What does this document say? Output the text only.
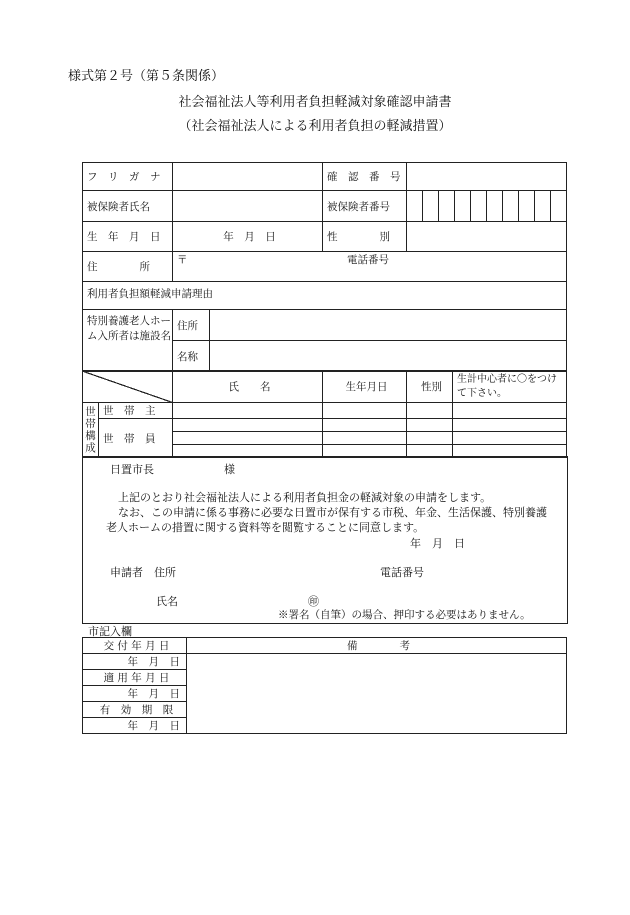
様式第２号（第５条関係）
社会福祉法人等利用者負担軽減対象確認申請書
（社会福祉法人による利用者負担の軽減措置）
フ　リ　ガ　ナ		確　認　番　号	
被保険者氏名		被保険者番号	

生　年　月　日	年　月　日	性　　　　別	
住　　　　所	
〒	電話番号

利用者負担額軽減申請理由
特別養護老人ホーム入所者は施設名	
住所	

名称	
	氏　　名	生年月日	性別	生計中心者に〇をつけて下さい。
世帯構成	世　帯　主				
	世　帯　員				

日置市長	様
上記のとおり社会福祉法人による利用者負担金の軽減対象の申請をします。
なお、この申請に係る事務に必要な日置市が保有する市税、年金、生活保護、特別養護
老人ホームの措置に関する資料等を閲覧することに同意します。
年　月　日
申請者　住所	電話番号
氏名	㊞
※署名（自筆）の場合、押印する必要はありません。
市記入欄
交 付 年 月 日	備　　　　考
年　月　日	
適 用 年 月 日	
年　月　日	
有　効　期　限	
年　月　日	
